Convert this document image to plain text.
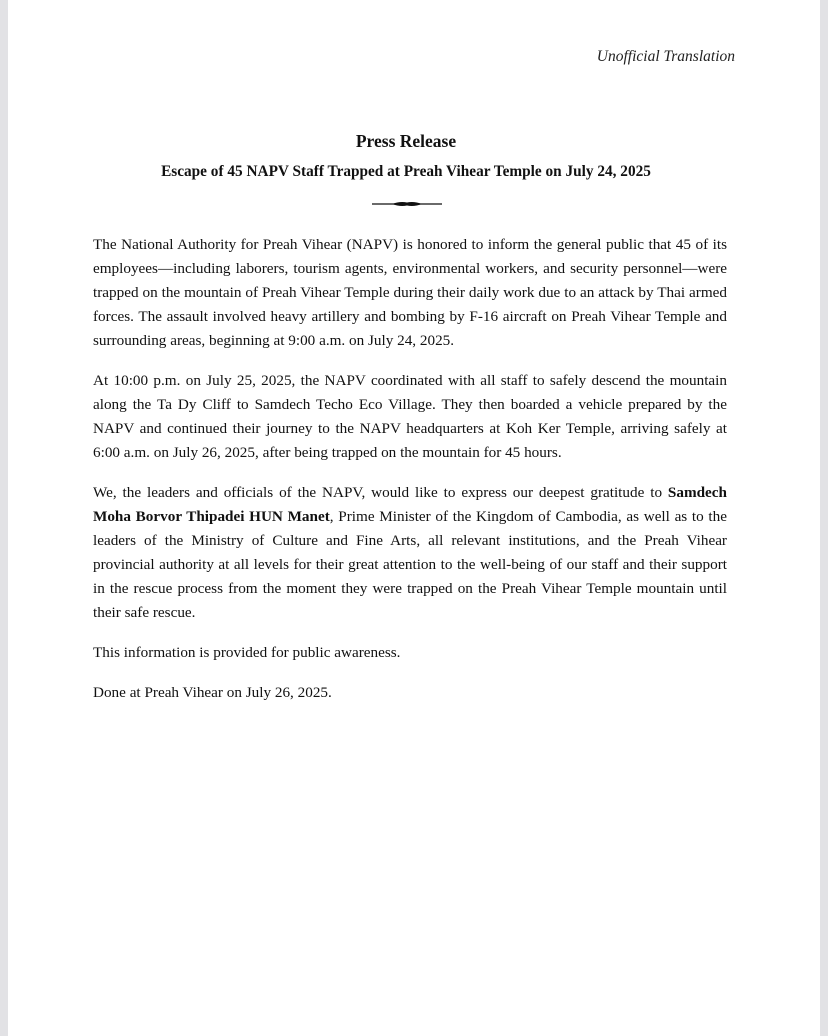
Unofficial Translation
Press Release
Escape of 45 NAPV Staff Trapped at Preah Vihear Temple on July 24, 2025

The National Authority for Preah Vihear (NAPV) is honored to inform the general public that 45 of its employees—including laborers, tourism agents, environmental workers, and security personnel—were trapped on the mountain of Preah Vihear Temple during their daily work due to an attack by Thai armed forces. The assault involved heavy artillery and bombing by F-16 aircraft on Preah Vihear Temple and surrounding areas, beginning at 9:00 a.m. on July 24, 2025.

At 10:00 p.m. on July 25, 2025, the NAPV coordinated with all staff to safely descend the mountain along the Ta Dy Cliff to Samdech Techo Eco Village. They then boarded a vehicle prepared by the NAPV and continued their journey to the NAPV headquarters at Koh Ker Temple, arriving safely at 6:00 a.m. on July 26, 2025, after being trapped on the mountain for 45 hours.

We, the leaders and officials of the NAPV, would like to express our deepest gratitude to Samdech Moha Borvor Thipadei HUN Manet, Prime Minister of the Kingdom of Cambodia, as well as to the leaders of the Ministry of Culture and Fine Arts, all relevant institutions, and the Preah Vihear provincial authority at all levels for their great attention to the well-being of our staff and their support in the rescue process from the moment they were trapped on the Preah Vihear Temple mountain until their safe rescue.

This information is provided for public awareness.

Done at Preah Vihear on July 26, 2025.
